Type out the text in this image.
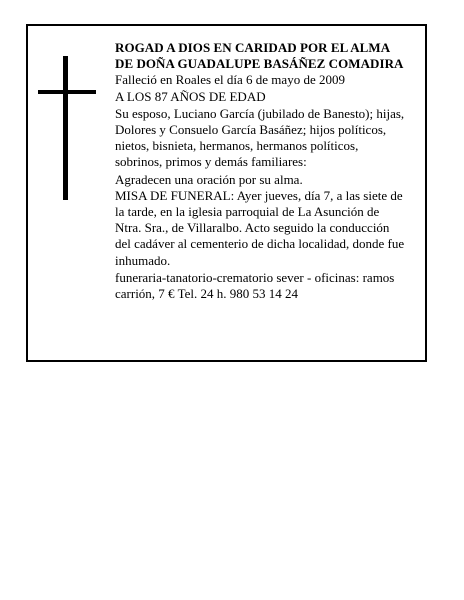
ROGAD A DIOS EN CARIDAD POR EL ALMA
DE DOÑA GUADALUPE BASÁÑEZ COMADIRA
Falleció en Roales el día 6 de mayo de 2009
A LOS 87 AÑOS DE EDAD
Su esposo, Luciano García (jubilado de Banesto); hijas,
Dolores y Consuelo García Basáñez; hijos políticos,
nietos, bisnieta, hermanos, hermanos políticos,
sobrinos, primos y demás familiares:
Agradecen una oración por su alma.
MISA DE FUNERAL: Ayer jueves, día 7, a las siete de
la tarde, en la iglesia parroquial de La Asunción de
Ntra. Sra., de Villaralbo. Acto seguido la conducción
del cadáver al cementerio de dicha localidad, donde fue
inhumado.
funeraria-tanatorio-crematorio sever - oficinas: ramos
carrión, 7 € Tel. 24 h. 980 53 14 24
